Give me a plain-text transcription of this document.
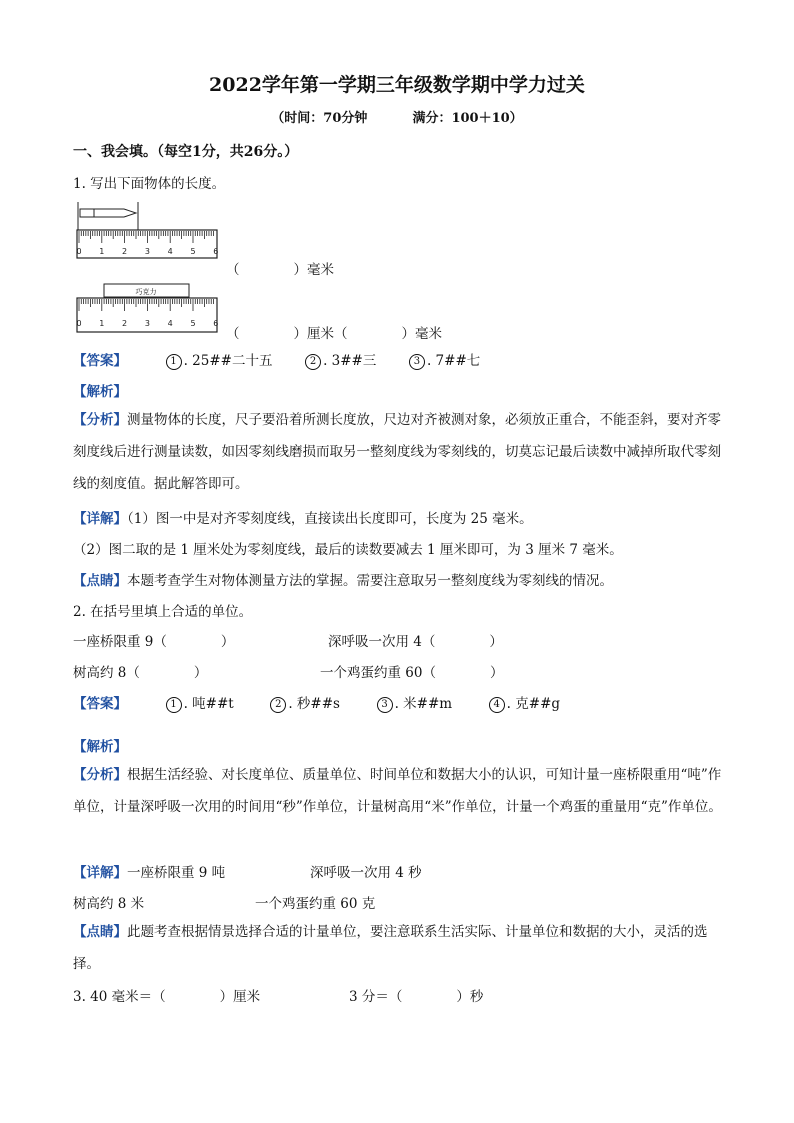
2022学年第一学期三年级数学期中学力过关
（时间：70分钟	满分：100＋10）
一、我会填。（每空1分，共26分。）
1. 写出下面物体的长度。
0 1 2 3 4 5 6
（　　　　）毫米
巧克力
0 1 2 3 4 5 6
（　　　　）厘米（　　　　）毫米
【答案】	1 . 25##二十五	2 . 3##三	3 . 7##七
【解析】
【分析】测量物体的长度，尺子要沿着所测长度放，尺边对齐被测对象，必须放正重合，不能歪斜，要对齐零刻度线后进行测量读数，如因零刻线磨损而取另一整刻度线为零刻线的，切莫忘记最后读数中减掉所取代零刻线的刻度值。据此解答即可。
【详解】（1）图一中是对齐零刻度线，直接读出长度即可，长度为 25 毫米。
（2）图二取的是 1 厘米处为零刻度线，最后的读数要减去 1 厘米即可，为 3 厘米 7 毫米。
【点睛】本题考查学生对物体测量方法的掌握。需要注意取另一整刻度线为零刻线的情况。
2. 在括号里填上合适的单位。
一座桥限重 9（　　　　）	深呼吸一次用 4（　　　　）
树高约 8（　　　　）	一个鸡蛋约重 60（　　　　）
【答案】	1 . 吨##t	2 . 秒##s	3 . 米##m	4 . 克##g
【解析】
【分析】根据生活经验、对长度单位、质量单位、时间单位和数据大小的认识，可知计量一座桥限重用“吨”作单位，计量深呼吸一次用的时间用“秒”作单位，计量树高用“米”作单位，计量一个鸡蛋的重量用“克”作单位。
【详解】一座桥限重 9 吨	深呼吸一次用 4 秒
树高约 8 米	一个鸡蛋约重 60 克
【点睛】此题考查根据情景选择合适的计量单位，要注意联系生活实际、计量单位和数据的大小，灵活的选择。
3. 40 毫米＝（　　　　）厘米	3 分＝（　　　　）秒
